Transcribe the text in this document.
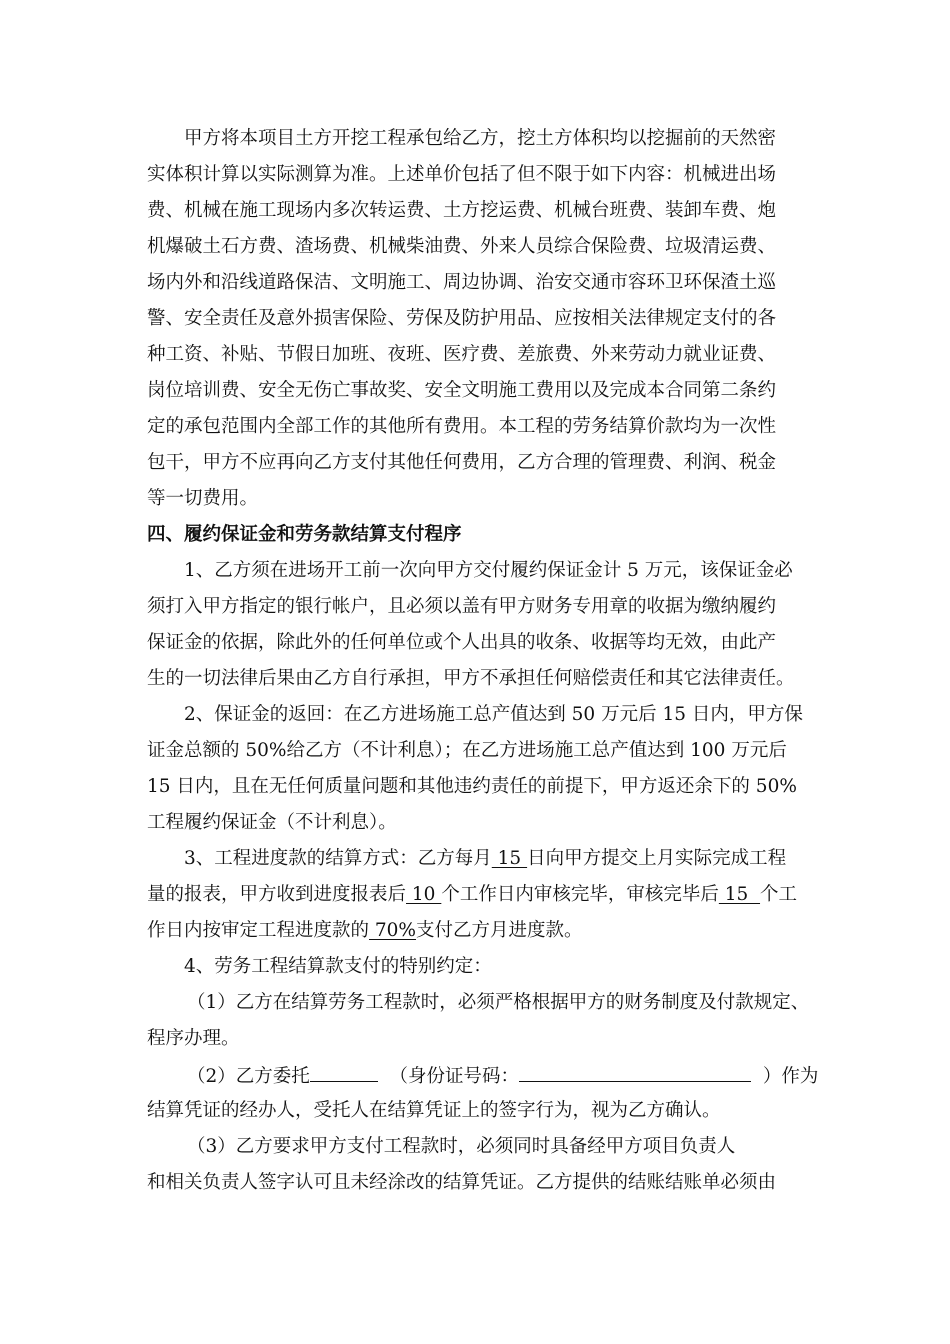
甲方将本项目土方开挖工程承包给乙方，挖土方体积均以挖掘前的天然密
实体积计算以实际测算为准。上述单价包括了但不限于如下内容：机械进出场
费、机械在施工现场内多次转运费、土方挖运费、机械台班费、装卸车费、炮
机爆破土石方费、渣场费、机械柴油费、外来人员综合保险费、垃圾清运费、
场内外和沿线道路保洁、文明施工、周边协调、治安交通市容环卫环保渣土巡
警、安全责任及意外损害保险、劳保及防护用品、应按相关法律规定支付的各
种工资、补贴、节假日加班、夜班、医疗费、差旅费、外来劳动力就业证费、
岗位培训费、安全无伤亡事故奖、安全文明施工费用以及完成本合同第二条约
定的承包范围内全部工作的其他所有费用。本工程的劳务结算价款均为一次性
包干，甲方不应再向乙方支付其他任何费用，乙方合理的管理费、利润、税金
等一切费用。
四、履约保证金和劳务款结算支付程序
1、乙方须在进场开工前一次向甲方交付履约保证金计 5 万元，该保证金必
须打入甲方指定的银行帐户，且必须以盖有甲方财务专用章的收据为缴纳履约
保证金的依据，除此外的任何单位或个人出具的收条、收据等均无效，由此产
生的一切法律后果由乙方自行承担，甲方不承担任何赔偿责任和其它法律责任。
2、保证金的返回：在乙方进场施工总产值达到 50 万元后 15 日内，甲方保
证金总额的 50%给乙方（不计利息）；在乙方进场施工总产值达到 100 万元后
15 日内，且在无任何质量问题和其他违约责任的前提下，甲方返还余下的 50%
工程履约保证金（不计利息）。
3、工程进度款的结算方式：乙方每月 15 日向甲方提交上月实际完成工程
量的报表，甲方收到进度报表后 10 个工作日内审核完毕，审核完毕后 15  个工
作日内按审定工程进度款的 70%支付乙方月进度款。
4、劳务工程结算款支付的特别约定：
（1）乙方在结算劳务工程款时，必须严格根据甲方的财务制度及付款规定、
程序办理。
（2）乙方委托	（身份证号码：	）作为
结算凭证的经办人，受托人在结算凭证上的签字行为，视为乙方确认。
（3）乙方要求甲方支付工程款时，必须同时具备经甲方项目负责人
和相关负责人签字认可且未经涂改的结算凭证。乙方提供的结账结账单必须由
